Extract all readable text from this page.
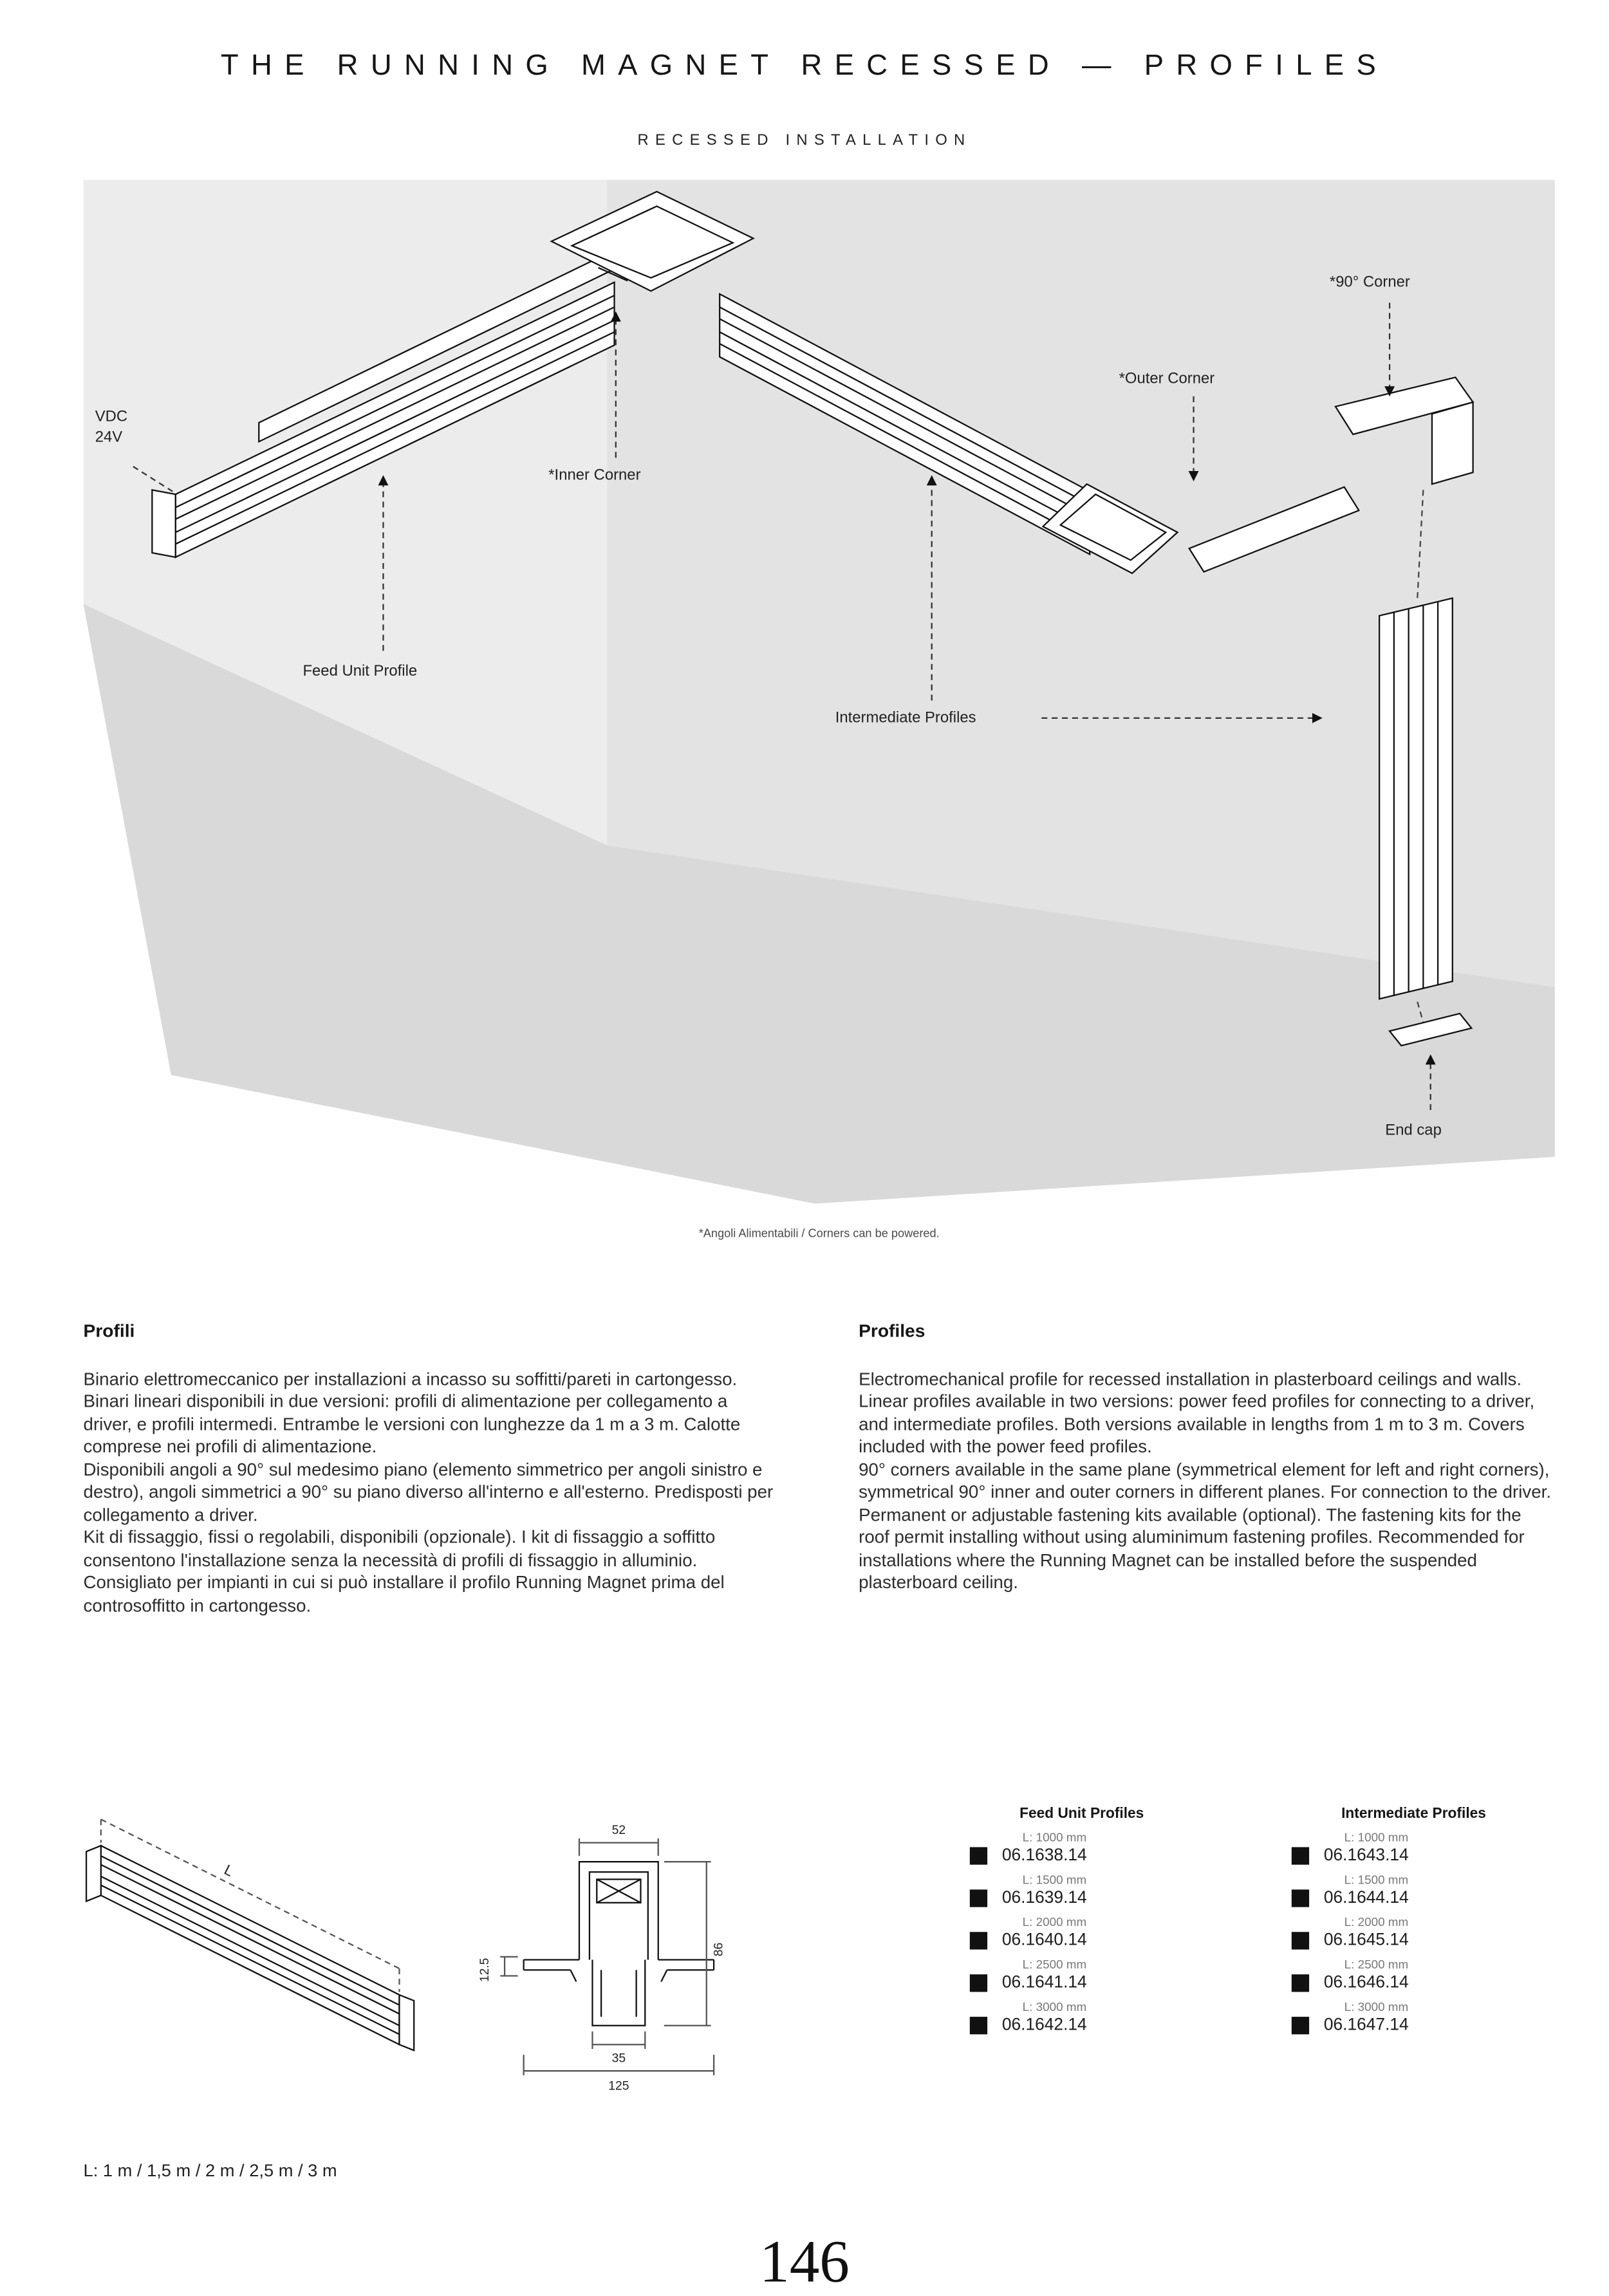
THE RUNNING MAGNET RECESSED — PROFILES
RECESSED INSTALLATION
VDC
24V
*Inner Corner
Feed Unit Profile
*Outer Corner
*90° Corner
Intermediate Profiles
End cap
*Angoli Alimentabili / Corners can be powered.
Profili

Binario elettromeccanico per installazioni a incasso su soffitti/pareti in cartongesso.

Binari lineari disponibili in due versioni: profili di alimentazione per collegamento a driver, e profili intermedi. Entrambe le versioni con lunghezze da 1 m a 3 m. Calotte comprese nei profili di alimentazione.

Disponibili angoli a 90° sul medesimo piano (elemento simmetrico per angoli sinistro e destro), angoli simmetrici a 90° su piano diverso all'interno e all'esterno. Predisposti per collegamento a driver.

Kit di fissaggio, fissi o regolabili, disponibili (opzionale). I kit di fissaggio a soffitto consentono l'installazione senza la necessità di profili di fissaggio in alluminio. Consigliato per impianti in cui si può installare il profilo Running Magnet prima del controsoffitto in cartongesso.

Profiles

Electromechanical profile for recessed installation in plasterboard ceilings and walls.

Linear profiles available in two versions: power feed profiles for connecting to a driver, and intermediate profiles. Both versions available in lengths from 1 m to 3 m. Covers included with the power feed profiles.

90° corners available in the same plane (symmetrical element for left and right corners), symmetrical 90° inner and outer corners in different planes. For connection to the driver.

Permanent or adjustable fastening kits available (optional). The fastening kits for the roof permit installing without using aluminimum fastening profiles. Recommended for installations where the Running Magnet can be installed before the suspended plasterboard ceiling.

L
52
86
12.5
35
125
Feed Unit Profiles
L: 1000 mm
06.1638.14
L: 1500 mm
06.1639.14
L: 2000 mm
06.1640.14
L: 2500 mm
06.1641.14
L: 3000 mm
06.1642.14
Intermediate Profiles
L: 1000 mm
06.1643.14
L: 1500 mm
06.1644.14
L: 2000 mm
06.1645.14
L: 2500 mm
06.1646.14
L: 3000 mm
06.1647.14
L: 1 m / 1,5 m / 2 m / 2,5 m / 3 m
146
